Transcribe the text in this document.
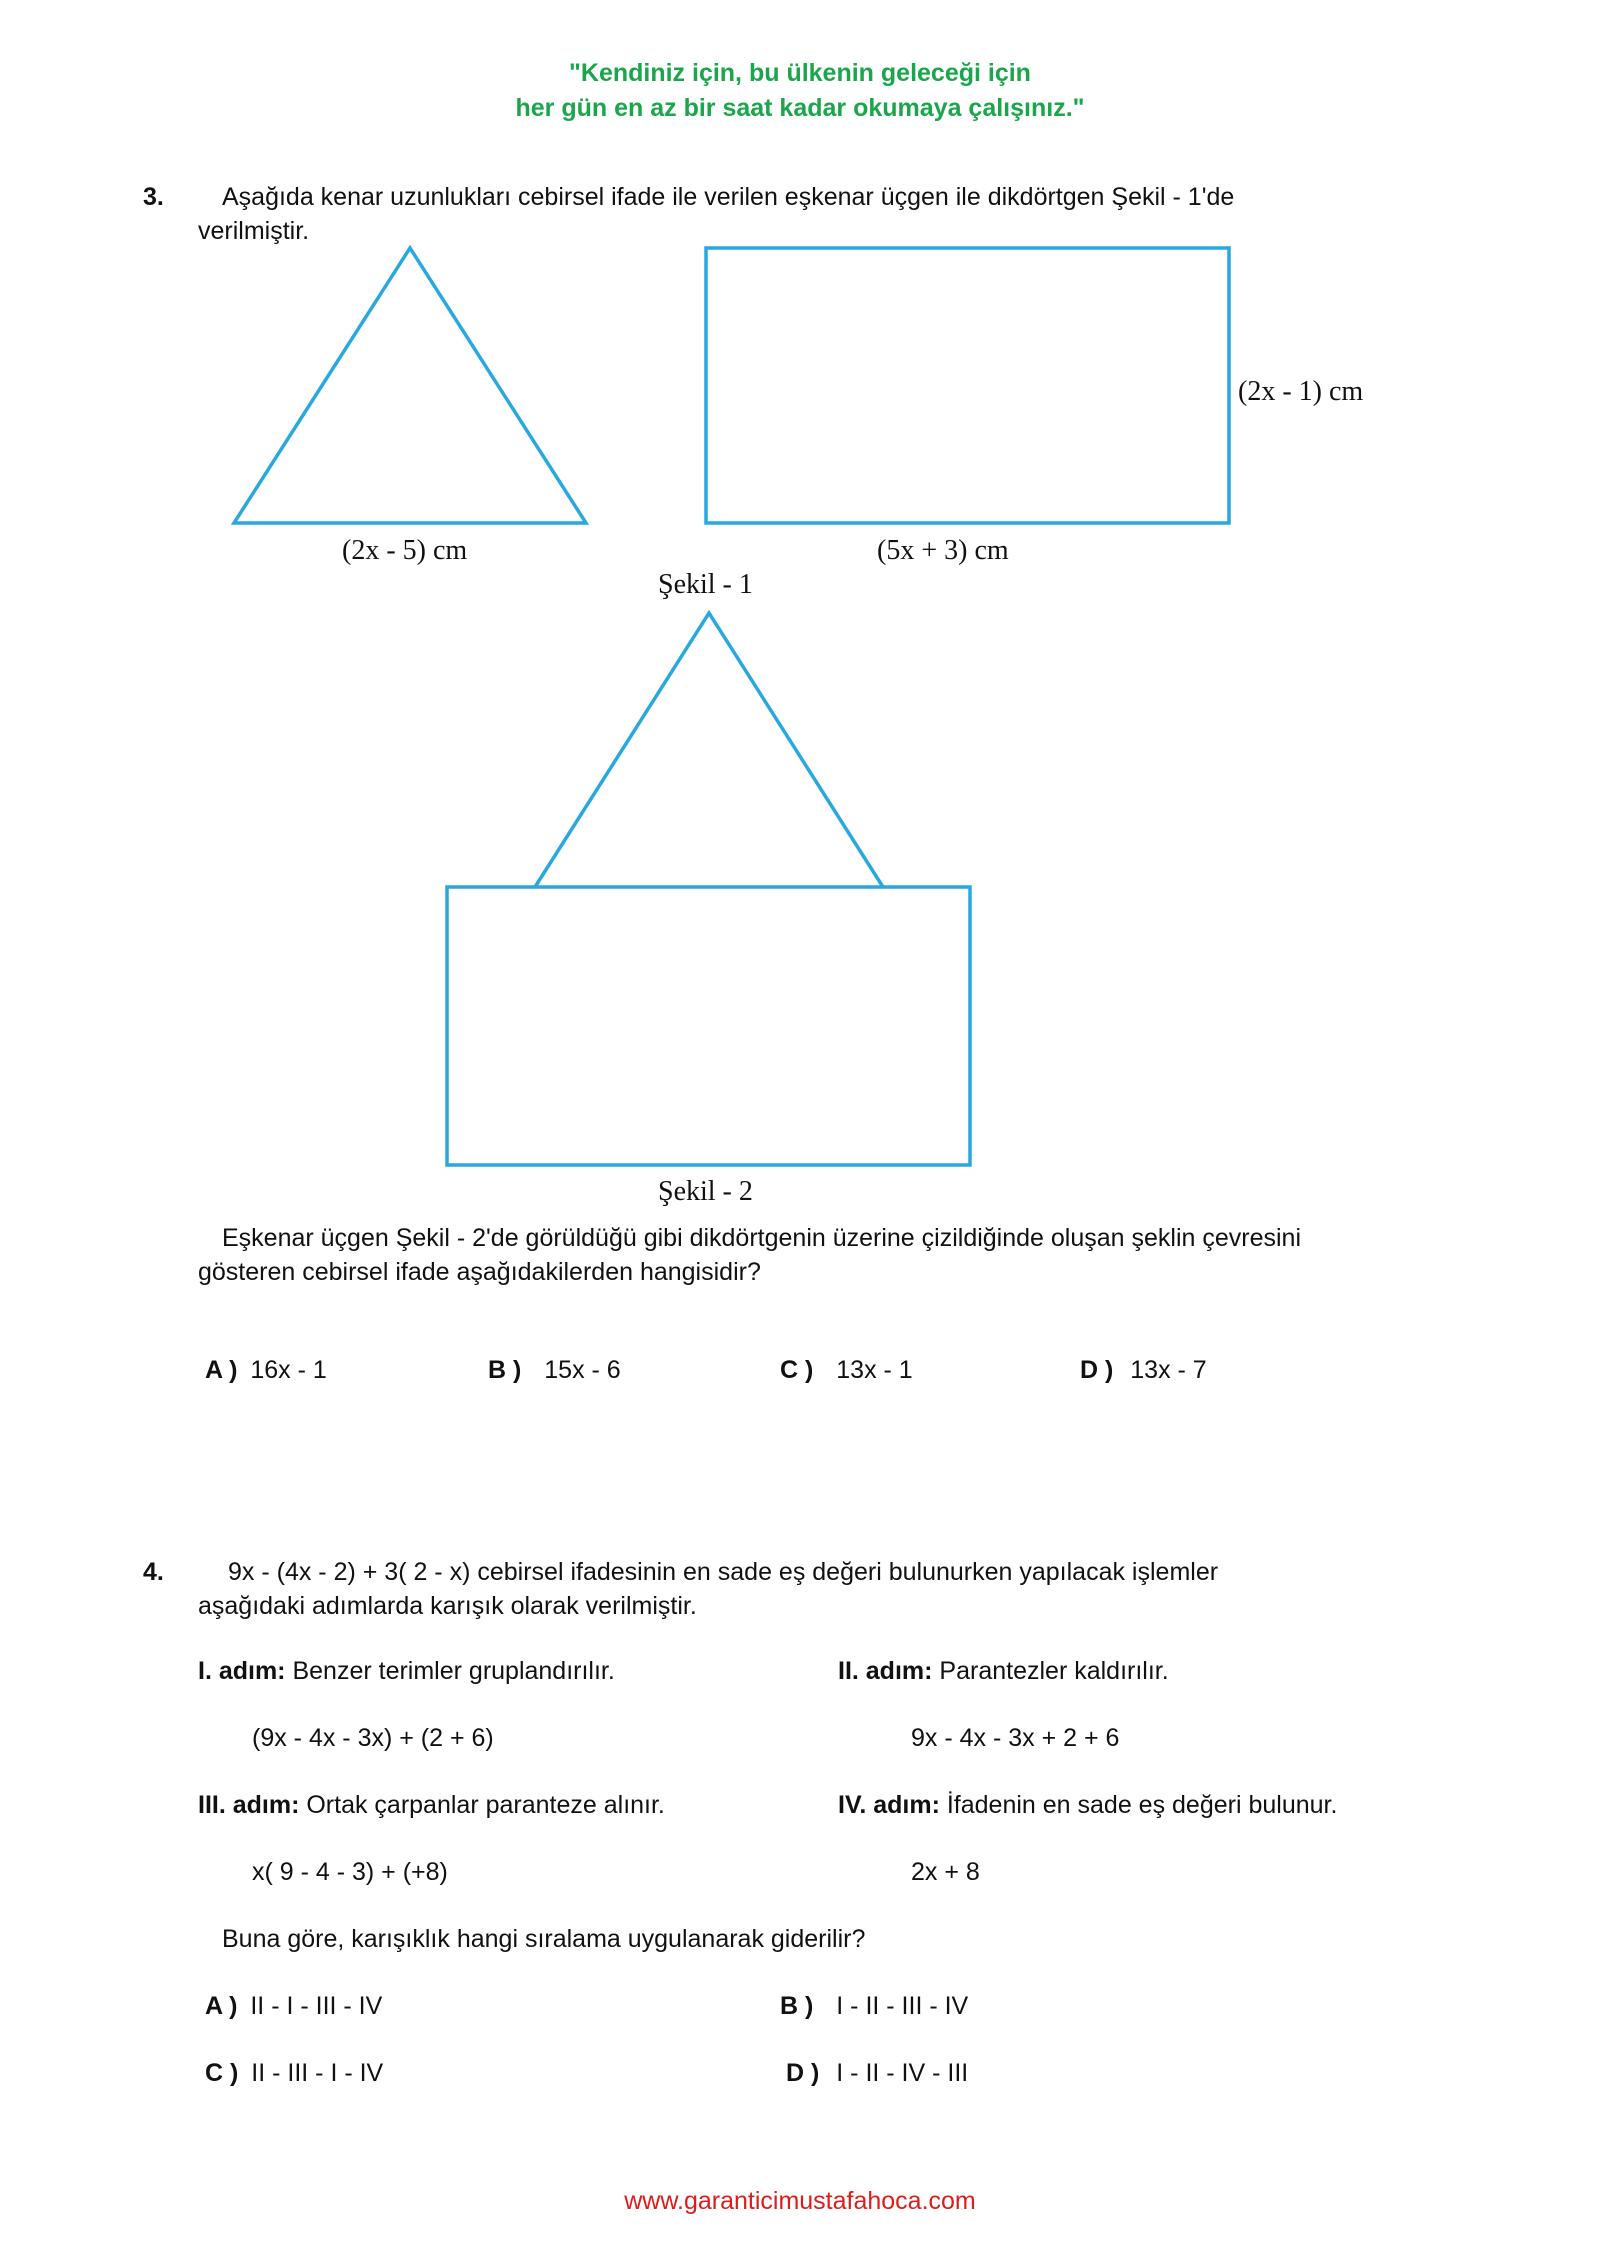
"Kendiniz için, bu ülkenin geleceği için
her gün en az bir saat kadar okumaya çalışınız."
3. Aşağıda kenar uzunlukları cebirsel ifade ile verilen eşkenar üçgen ile dikdörtgen Şekil - 1'de
verilmiştir.
(2x - 5) cm	(5x + 3) cm
(2x - 1) cm
Şekil - 1
Şekil - 2
Eşkenar üçgen Şekil - 2'de görüldüğü gibi dikdörtgenin üzerine çizildiğinde oluşan şeklin çevresini
gösteren cebirsel ifade aşağıdakilerden hangisidir?
A ) 16x - 1	B ) 15x - 6	C ) 13x - 1	D ) 13x - 7
4.	9x - (4x - 2) + 3( 2 - x) cebirsel ifadesinin en sade eş değeri bulunurken yapılacak işlemler
aşağıdaki adımlarda karışık olarak verilmiştir.
I. adım: Benzer terimler gruplandırılır.	II. adım: Parantezler kaldırılır.
(9x - 4x - 3x) + (2 + 6)	9x - 4x - 3x + 2 + 6
III. adım: Ortak çarpanlar paranteze alınır.	IV. adım: İfadenin en sade eş değeri bulunur.
x( 9 - 4 - 3) + (+8)	2x + 8
Buna göre, karışıklık hangi sıralama uygulanarak giderilir?
A ) II - I - III - IV	B ) I - II - III - IV
C ) II - III - I - IV	D ) I - II - IV - III
www.garanticimustafahoca.com
